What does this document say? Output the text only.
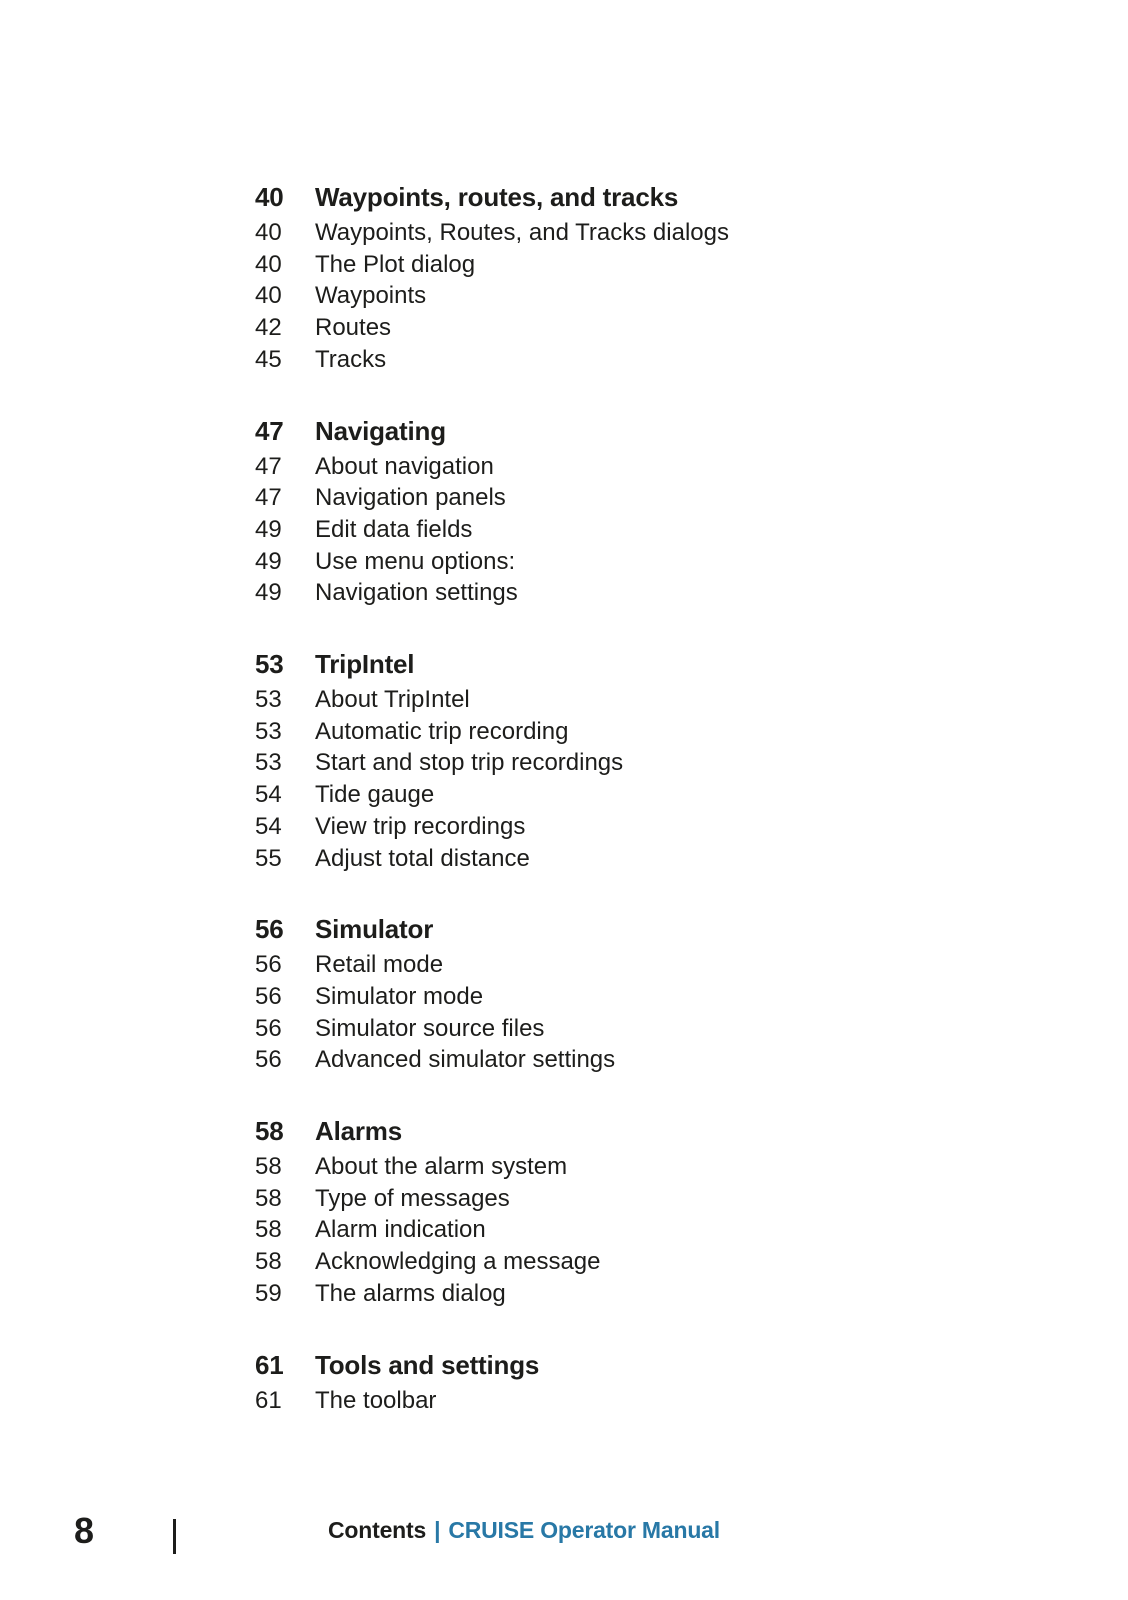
40	Waypoints, routes, and tracks
40	Waypoints, Routes, and Tracks dialogs
40	The Plot dialog
40	Waypoints
42	Routes
45	Tracks
47	Navigating
47	About navigation
47	Navigation panels
49	Edit data fields
49	Use menu options:
49	Navigation settings
53	TripIntel
53	About TripIntel
53	Automatic trip recording
53	Start and stop trip recordings
54	Tide gauge
54	View trip recordings
55	Adjust total distance
56	Simulator
56	Retail mode
56	Simulator mode
56	Simulator source files
56	Advanced simulator settings
58	Alarms
58	About the alarm system
58	Type of messages
58	Alarm indication
58	Acknowledging a message
59	The alarms dialog
61	Tools and settings
61	The toolbar
8	Contents | CRUISE Operator Manual
